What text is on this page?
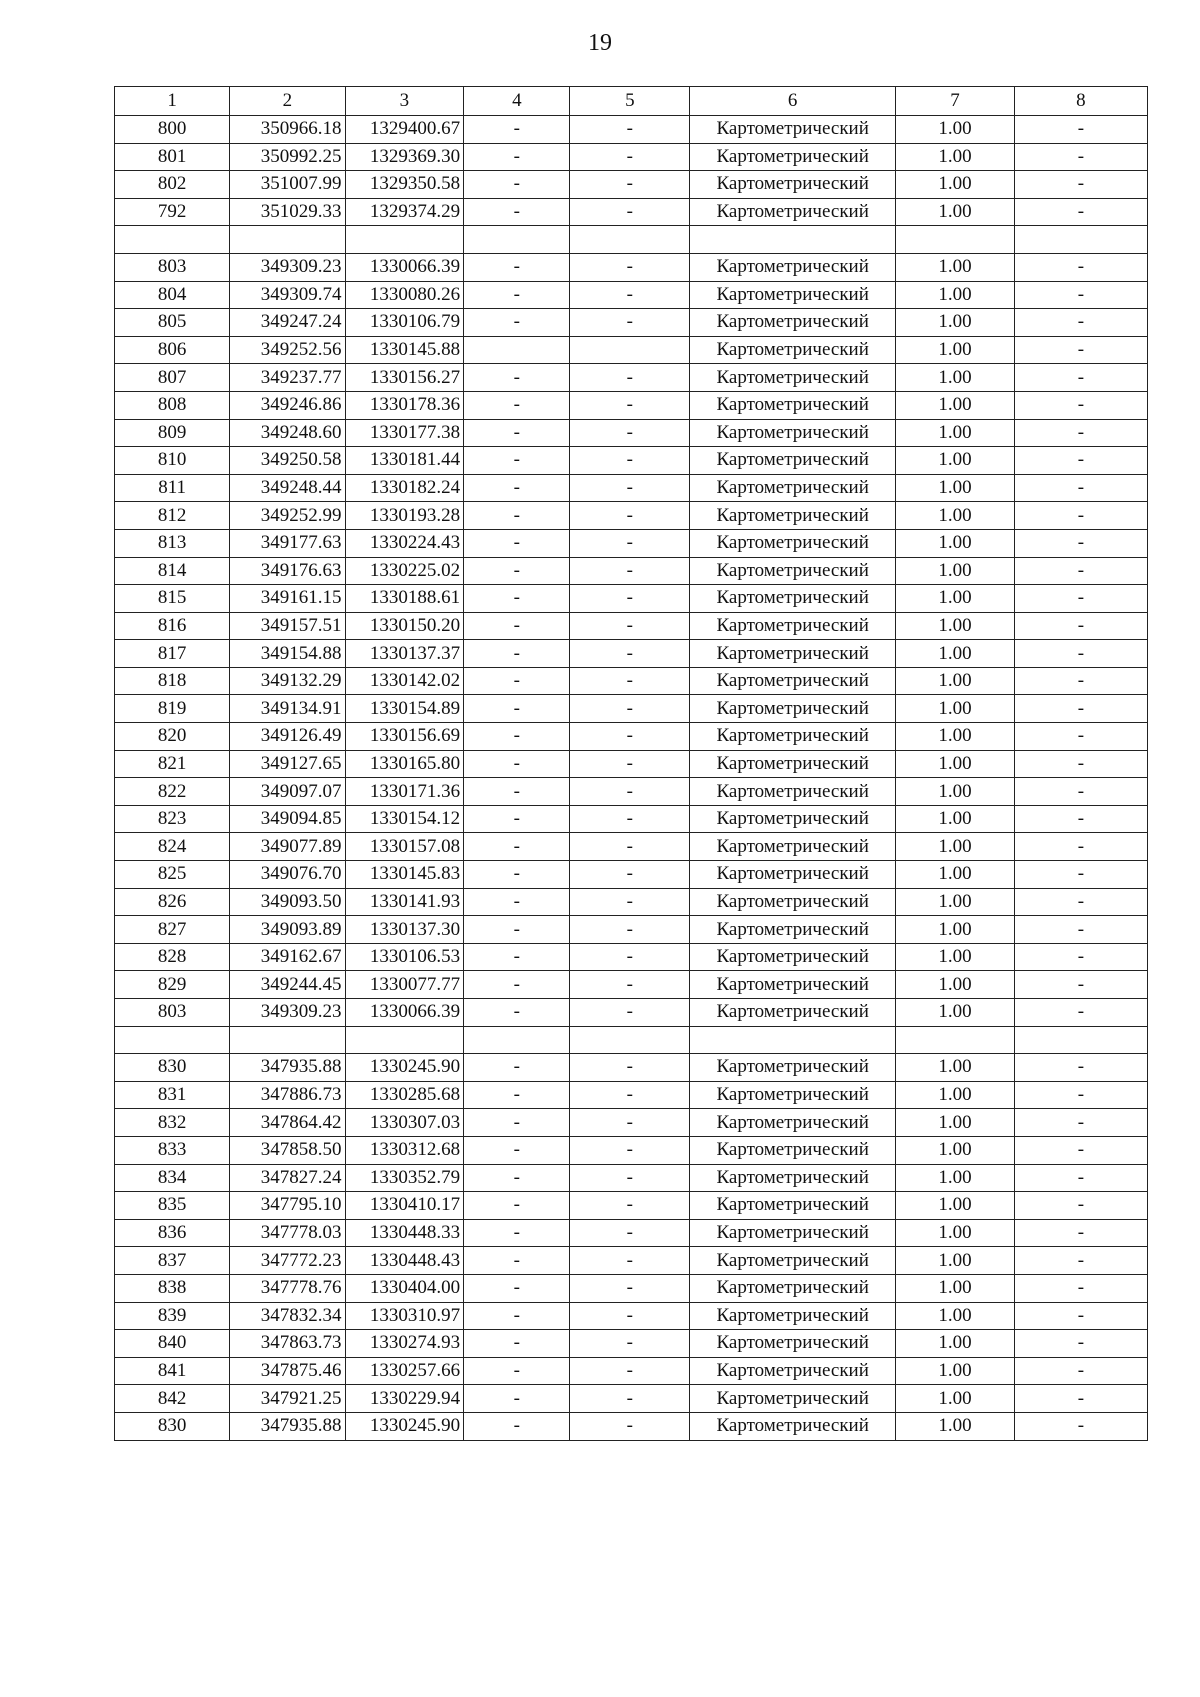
19
1	2	3	4	5	6	7	8
800	350966.18	1329400.67	-	-	Картометрический	1.00	-
801	350992.25	1329369.30	-	-	Картометрический	1.00	-
802	351007.99	1329350.58	-	-	Картометрический	1.00	-
792	351029.33	1329374.29	-	-	Картометрический	1.00	-

803	349309.23	1330066.39	-	-	Картометрический	1.00	-
804	349309.74	1330080.26	-	-	Картометрический	1.00	-
805	349247.24	1330106.79	-	-	Картометрический	1.00	-
806	349252.56	1330145.88			Картометрический	1.00	-
807	349237.77	1330156.27	-	-	Картометрический	1.00	-
808	349246.86	1330178.36	-	-	Картометрический	1.00	-
809	349248.60	1330177.38	-	-	Картометрический	1.00	-
810	349250.58	1330181.44	-	-	Картометрический	1.00	-
811	349248.44	1330182.24	-	-	Картометрический	1.00	-
812	349252.99	1330193.28	-	-	Картометрический	1.00	-
813	349177.63	1330224.43	-	-	Картометрический	1.00	-
814	349176.63	1330225.02	-	-	Картометрический	1.00	-
815	349161.15	1330188.61	-	-	Картометрический	1.00	-
816	349157.51	1330150.20	-	-	Картометрический	1.00	-
817	349154.88	1330137.37	-	-	Картометрический	1.00	-
818	349132.29	1330142.02	-	-	Картометрический	1.00	-
819	349134.91	1330154.89	-	-	Картометрический	1.00	-
820	349126.49	1330156.69	-	-	Картометрический	1.00	-
821	349127.65	1330165.80	-	-	Картометрический	1.00	-
822	349097.07	1330171.36	-	-	Картометрический	1.00	-
823	349094.85	1330154.12	-	-	Картометрический	1.00	-
824	349077.89	1330157.08	-	-	Картометрический	1.00	-
825	349076.70	1330145.83	-	-	Картометрический	1.00	-
826	349093.50	1330141.93	-	-	Картометрический	1.00	-
827	349093.89	1330137.30	-	-	Картометрический	1.00	-
828	349162.67	1330106.53	-	-	Картометрический	1.00	-
829	349244.45	1330077.77	-	-	Картометрический	1.00	-
803	349309.23	1330066.39	-	-	Картометрический	1.00	-

830	347935.88	1330245.90	-	-	Картометрический	1.00	-
831	347886.73	1330285.68	-	-	Картометрический	1.00	-
832	347864.42	1330307.03	-	-	Картометрический	1.00	-
833	347858.50	1330312.68	-	-	Картометрический	1.00	-
834	347827.24	1330352.79	-	-	Картометрический	1.00	-
835	347795.10	1330410.17	-	-	Картометрический	1.00	-
836	347778.03	1330448.33	-	-	Картометрический	1.00	-
837	347772.23	1330448.43	-	-	Картометрический	1.00	-
838	347778.76	1330404.00	-	-	Картометрический	1.00	-
839	347832.34	1330310.97	-	-	Картометрический	1.00	-
840	347863.73	1330274.93	-	-	Картометрический	1.00	-
841	347875.46	1330257.66	-	-	Картометрический	1.00	-
842	347921.25	1330229.94	-	-	Картометрический	1.00	-
830	347935.88	1330245.90	-	-	Картометрический	1.00	-
